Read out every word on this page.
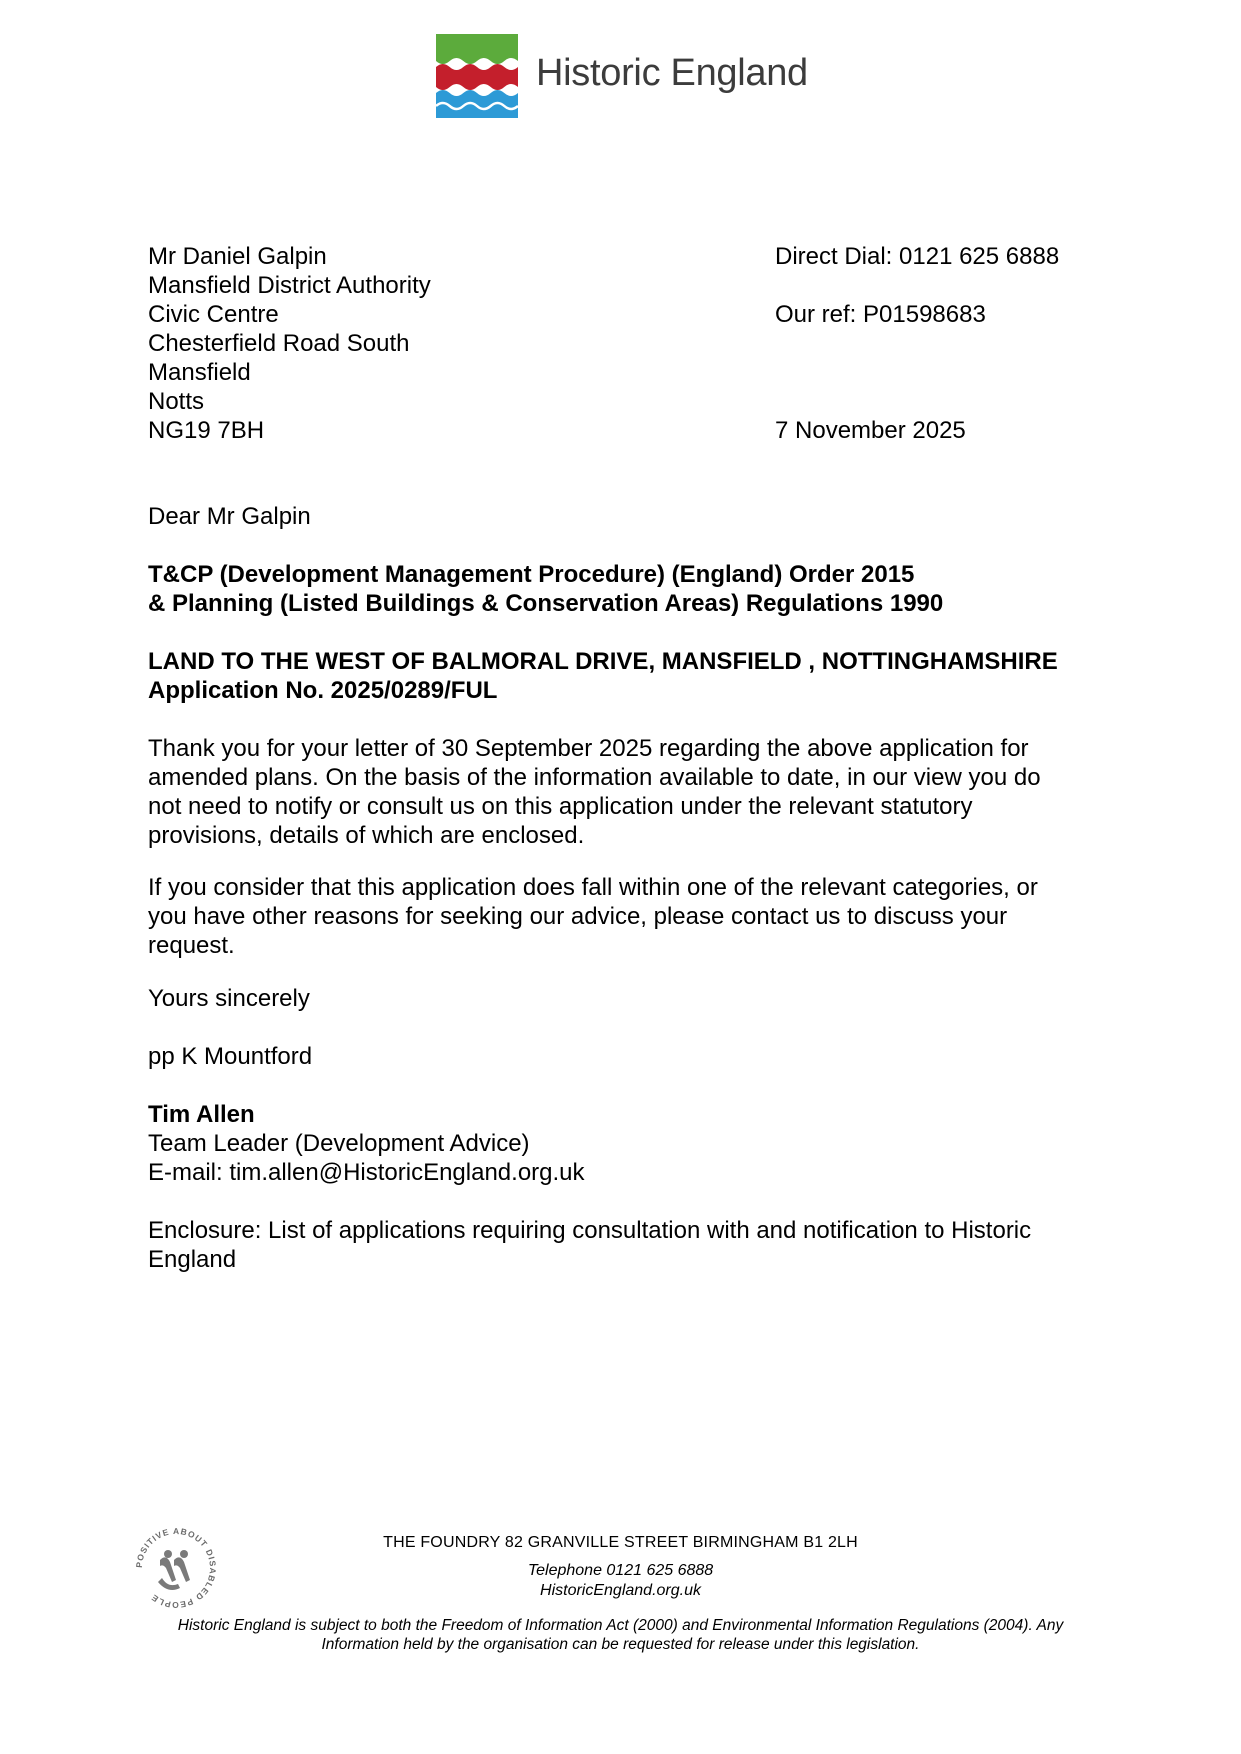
Historic England
Mr Daniel Galpin
Mansfield District Authority
Civic Centre
Chesterfield Road South
Mansfield
Notts
NG19 7BH
Direct Dial: 0121 625 6888
Our ref: P01598683
7 November 2025
Dear Mr Galpin
T&CP (Development Management Procedure) (England) Order 2015
& Planning (Listed Buildings & Conservation Areas) Regulations 1990
LAND TO THE WEST OF BALMORAL DRIVE, MANSFIELD , NOTTINGHAMSHIRE
Application No. 2025/0289/FUL
Thank you for your letter of 30 September 2025 regarding the above application for
amended plans. On the basis of the information available to date, in our view you do
not need to notify or consult us on this application under the relevant statutory
provisions, details of which are enclosed.
If you consider that this application does fall within one of the relevant categories, or
you have other reasons for seeking our advice, please contact us to discuss your
request.
Yours sincerely
pp K Mountford
Tim Allen
Team Leader (Development Advice)
E-mail: tim.allen@HistoricEngland.org.uk
Enclosure: List of applications requiring consultation with and notification to Historic
England
POSITIVE ABOUT DISABLED PEOPLE
THE FOUNDRY 82 GRANVILLE STREET BIRMINGHAM B1 2LH
Telephone 0121 625 6888
HistoricEngland.org.uk
Historic England is subject to both the Freedom of Information Act (2000) and Environmental Information Regulations (2004). Any
Information held by the organisation can be requested for release under this legislation.
